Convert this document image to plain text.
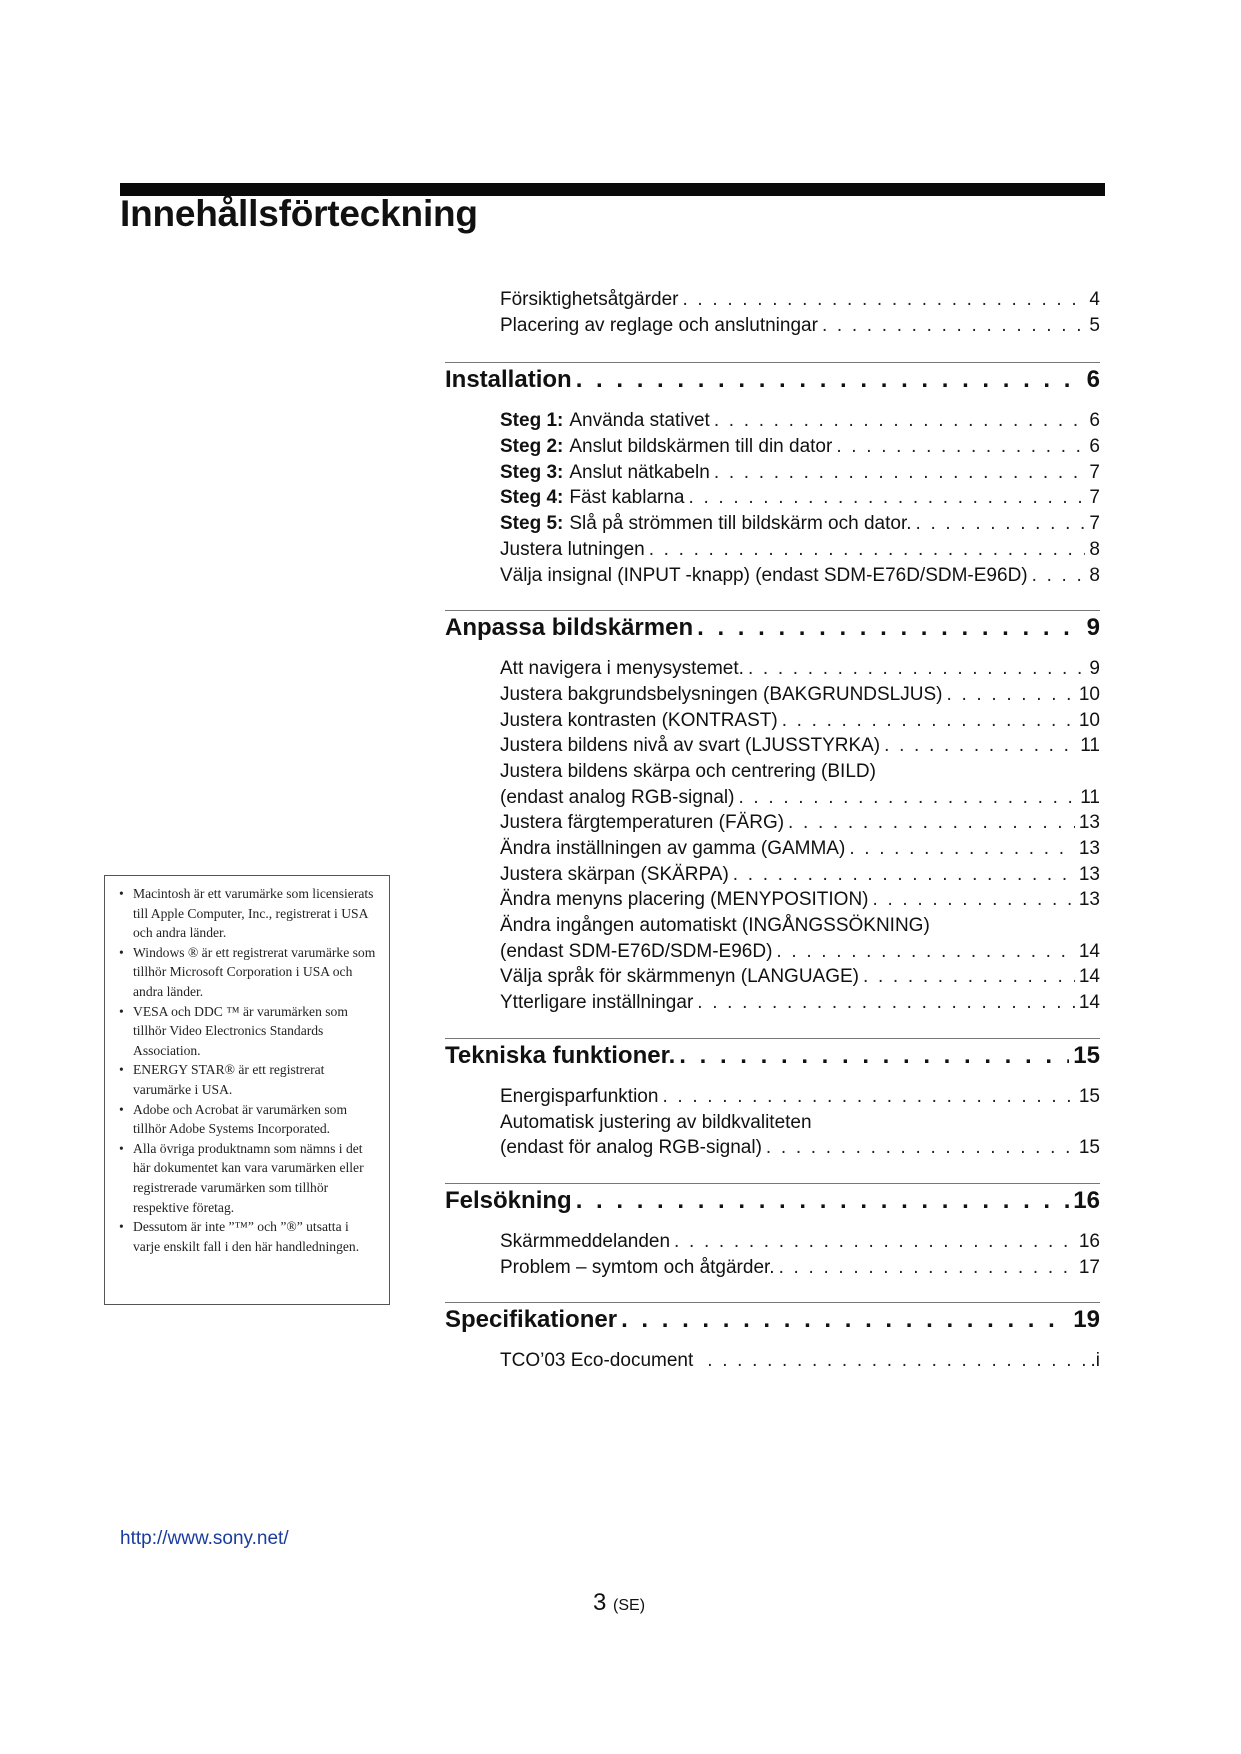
Innehållsförteckning
Försiktighetsåtgärder . . .	4
Placering av reglage och anslutningar . . .	5
Installation . . .	6
Steg 1: Använda stativet . . .	6
Steg 2: Anslut bildskärmen till din dator . . .	6
Steg 3: Anslut nätkabeln . . .	7
Steg 4: Fäst kablarna . . .	7
Steg 5: Slå på strömmen till bildskärm och dator. . . .	7
Justera lutningen . . .	8
Välja insignal (INPUT -knapp) (endast SDM-E76D/SDM-E96D) . . .	8
Anpassa bildskärmen . . .	9
Att navigera i menysystemet. . . .	9
Justera bakgrundsbelysningen (BAKGRUNDSLJUS) . . .	10
Justera kontrasten (KONTRAST) . . .	10
Justera bildens nivå av svart (LJUSSTYRKA) . . .	11
Justera bildens skärpa och centrering (BILD)
(endast analog RGB-signal) . . .	11
Justera färgtemperaturen (FÄRG) . . .	13
Ändra inställningen av gamma (GAMMA) . . .	13
Justera skärpan (SKÄRPA) . . .	13
Ändra menyns placering (MENYPOSITION) . . .	13
Ändra ingången automatiskt (INGÅNGSSÖKNING)
(endast SDM-E76D/SDM-E96D) . . .	14
Välja språk för skärmmenyn (LANGUAGE) . . .	14
Ytterligare inställningar . . .	14
Tekniska funktioner. . . .	15
Energisparfunktion . . .	15
Automatisk justering av bildkvaliteten
(endast för analog RGB-signal) . . .	15
Felsökning . . .	16
Skärmmeddelanden . . .	16
Problem – symtom och åtgärder. . . .	17
Specifikationer . . .	19
TCO’03 Eco-document . . .	.i
• Macintosh är ett varumärke som licensierats till Apple Computer, Inc., registrerat i USA och andra länder.
• Windows ® är ett registrerat varumärke som tillhör Microsoft Corporation i USA och andra länder.
• VESA och DDC ™ är varumärken som tillhör Video Electronics Standards Association.
• ENERGY STAR® är ett registrerat varumärke i USA.
• Adobe och Acrobat är varumärken som tillhör Adobe Systems Incorporated.
• Alla övriga produktnamn som nämns i det här dokumentet kan vara varumärken eller registrerade varumärken som tillhör respektive företag.
• Dessutom är inte ”™” och ”®” utsatta i varje enskilt fall i den här handledningen.
http://www.sony.net/
3 (SE)
